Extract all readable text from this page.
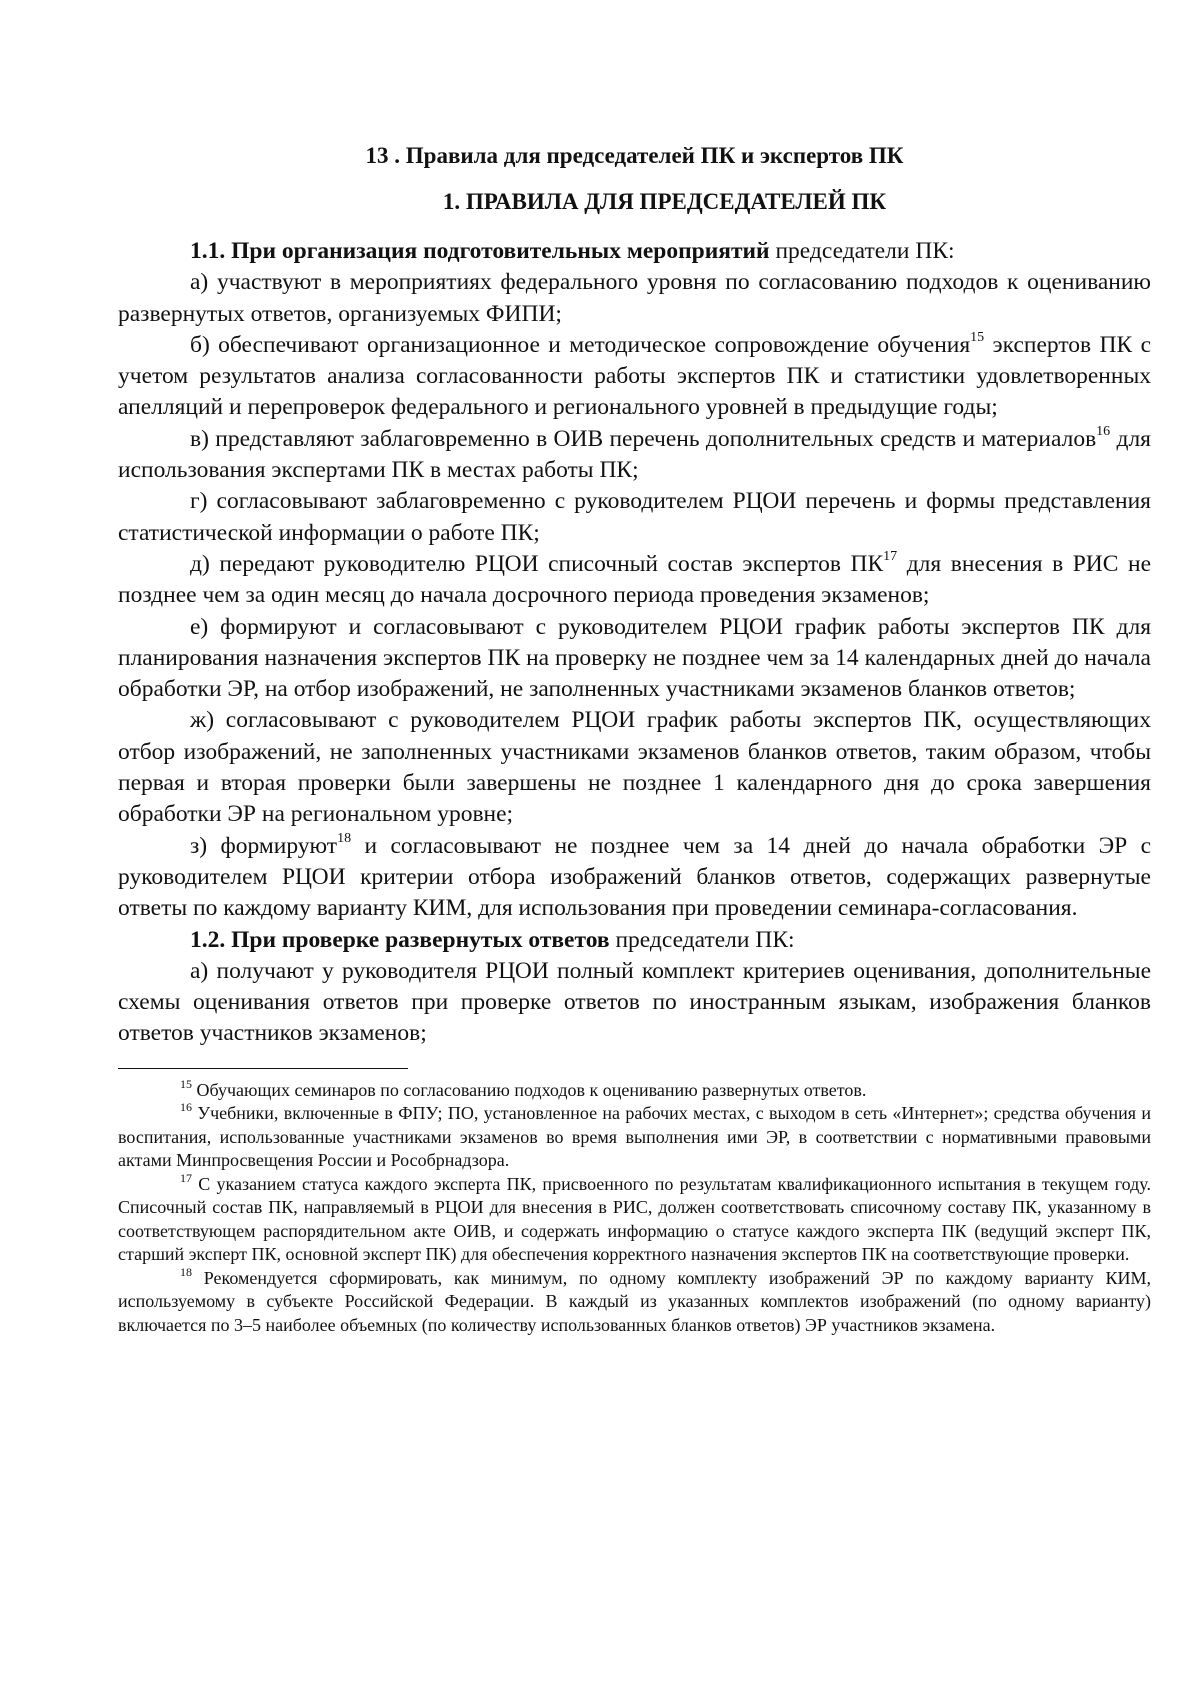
13 . Правила для председателей ПК и экспертов ПК
1. ПРАВИЛА ДЛЯ ПРЕДСЕДАТЕЛЕЙ ПК

1.1. При организация подготовительных мероприятий председатели ПК:

а) участвуют в мероприятиях федерального уровня по согласованию подходов к оцениванию развернутых ответов, организуемых ФИПИ;

б) обеспечивают организационное и методическое сопровождение обучения$^{15}$ экспертов ПК с учетом результатов анализа согласованности работы экспертов ПК и статистики удовлетворенных апелляций и перепроверок федерального и регионального уровней в предыдущие годы;

в) представляют заблаговременно в ОИВ перечень дополнительных средств и материалов$^{16}$ для использования экспертами ПК в местах работы ПК;

г) согласовывают заблаговременно с руководителем РЦОИ перечень и формы представления статистической информации о работе ПК;

д) передают руководителю РЦОИ списочный состав экспертов ПК$^{17}$ для внесения в РИС не позднее чем за один месяц до начала досрочного периода проведения экзаменов;

е) формируют и согласовывают с руководителем РЦОИ график работы экспертов ПК для планирования назначения экспертов ПК на проверку не позднее чем за 14 календарных дней до начала обработки ЭР, на отбор изображений, не заполненных участниками экзаменов бланков ответов;

ж) согласовывают с руководителем РЦОИ график работы экспертов ПК, осуществляющих отбор изображений, не заполненных участниками экзаменов бланков ответов, таким образом, чтобы первая и вторая проверки были завершены не позднее 1 календарного дня до срока завершения обработки ЭР на региональном уровне;

з) формируют$^{18}$ и согласовывают не позднее чем за 14 дней до начала обработки ЭР с руководителем РЦОИ критерии отбора изображений бланков ответов, содержащих развернутые ответы по каждому варианту КИМ, для использования при проведении семинара-согласования.

1.2. При проверке развернутых ответов председатели ПК:

а) получают у руководителя РЦОИ полный комплект критериев оценивания, дополнительные схемы оценивания ответов при проверке ответов по иностранным языкам, изображения бланков ответов участников экзаменов;

$^{15}$ Обучающих семинаров по согласованию подходов к оцениванию развернутых ответов.

$^{16}$ Учебники, включенные в ФПУ; ПО, установленное на рабочих местах, с выходом в сеть «Интернет»; средства обучения и воспитания, использованные участниками экзаменов во время выполнения ими ЭР, в соответствии с нормативными правовыми актами Минпросвещения России и Рособрнадзора.

$^{17}$ С указанием статуса каждого эксперта ПК, присвоенного по результатам квалификационного испытания в текущем году. Списочный состав ПК, направляемый в РЦОИ для внесения в РИС, должен соответствовать списочному составу ПК, указанному в соответствующем распорядительном акте ОИВ, и содержать информацию о статусе каждого эксперта ПК (ведущий эксперт ПК, старший эксперт ПК, основной эксперт ПК) для обеспечения корректного назначения экспертов ПК на соответствующие проверки.

$^{18}$ Рекомендуется сформировать, как минимум, по одному комплекту изображений ЭР по каждому варианту КИМ, используемому в субъекте Российской Федерации. В каждый из указанных комплектов изображений (по одному варианту) включается по 3–5 наиболее объемных (по количеству использованных бланков ответов) ЭР участников экзамена.
